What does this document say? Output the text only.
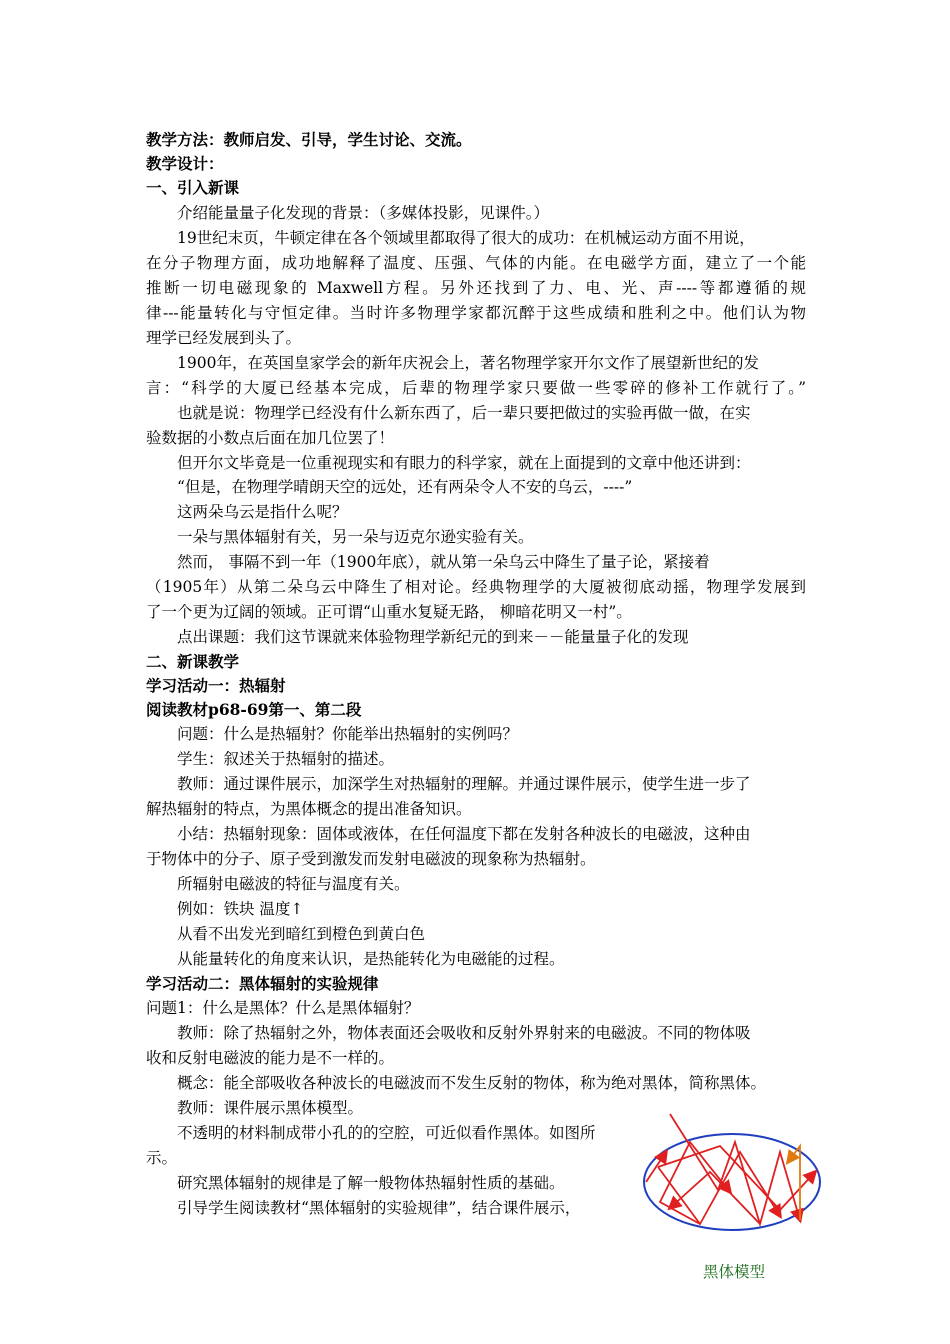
教学方法：教师启发、引导，学生讨论、交流。
教学设计：
一、引入新课
介绍能量量子化发现的背景：（多媒体投影，见课件。）
19世纪末页，牛顿定律在各个领域里都取得了很大的成功：在机械运动方面不用说，
在分子物理方面，成功地解释了温度、压强、气体的内能。在电磁学方面，建立了一个能
推断一切电磁现象的 Maxwell方程。另外还找到了力、电、光、声----等都遵循的规
律---能量转化与守恒定律。当时许多物理学家都沉醉于这些成绩和胜利之中。他们认为物
理学已经发展到头了。
1900年，在英国皇家学会的新年庆祝会上，著名物理学家开尔文作了展望新世纪的发
言：“科学的大厦已经基本完成，后辈的物理学家只要做一些零碎的修补工作就行了。”
也就是说：物理学已经没有什么新东西了，后一辈只要把做过的实验再做一做，在实
验数据的小数点后面在加几位罢了！
但开尔文毕竟是一位重视现实和有眼力的科学家，就在上面提到的文章中他还讲到：
“但是，在物理学晴朗天空的远处，还有两朵令人不安的乌云，----”
这两朵乌云是指什么呢？
一朵与黑体辐射有关，另一朵与迈克尔逊实验有关。
然而， 事隔不到一年（1900年底），就从第一朵乌云中降生了量子论，紧接着
（1905年）从第二朵乌云中降生了相对论。经典物理学的大厦被彻底动摇，物理学发展到
了一个更为辽阔的领域。正可谓“山重水复疑无路， 柳暗花明又一村”。
点出课题：我们这节课就来体验物理学新纪元的到来－－能量量子化的发现
二、新课教学
学习活动一：热辐射
阅读教材p68-69第一、第二段
问题：什么是热辐射？你能举出热辐射的实例吗？
学生：叙述关于热辐射的描述。
教师：通过课件展示，加深学生对热辐射的理解。并通过课件展示，使学生进一步了
解热辐射的特点，为黑体概念的提出准备知识。
小结：热辐射现象：固体或液体，在任何温度下都在发射各种波长的电磁波，这种由
于物体中的分子、原子受到激发而发射电磁波的现象称为热辐射。
所辐射电磁波的特征与温度有关。
例如：铁块 温度↑
从看不出发光到暗红到橙色到黄白色
从能量转化的角度来认识，是热能转化为电磁能的过程。
学习活动二：黑体辐射的实验规律
问题1：什么是黑体？什么是黑体辐射？
教师：除了热辐射之外，物体表面还会吸收和反射外界射来的电磁波。不同的物体吸
收和反射电磁波的能力是不一样的。
概念：能全部吸收各种波长的电磁波而不发生反射的物体，称为绝对黑体，简称黑体。
教师：课件展示黑体模型。
不透明的材料制成带小孔的的空腔，可近似看作黑体。如图所
示。
研究黑体辐射的规律是了解一般物体热辐射性质的基础。
引导学生阅读教材“黑体辐射的实验规律”，结合课件展示，
黑体模型
